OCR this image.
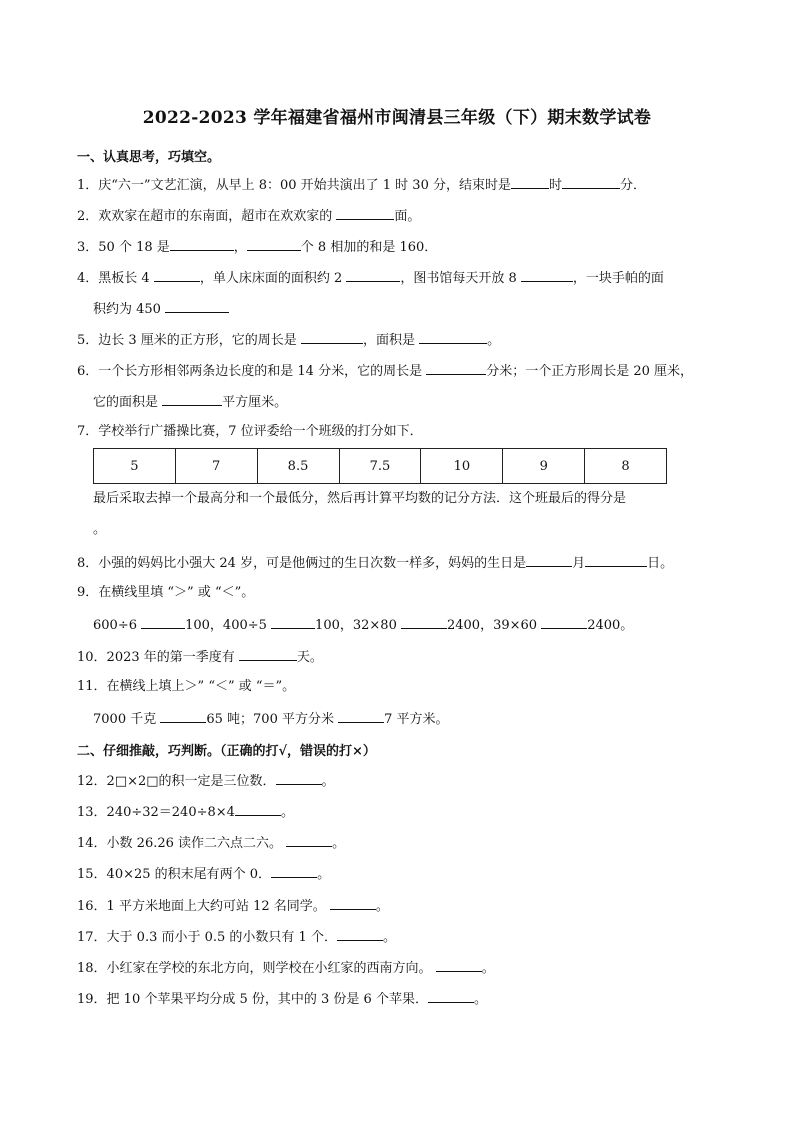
2022-2023 学年福建省福州市闽清县三年级（下）期末数学试卷
一、认真思考，巧填空。
1．庆“六一”文艺汇演，从早上 8：00 开始共演出了 1 时 30 分，结束时是	时	分．
2．欢欢家在超市的东南面，超市在欢欢家的	面。
3．50 个 18 是	，	个 8 相加的和是 160．
4．黑板长 4	，单人床床面的面积约 2	，图书馆每天开放 8	，一块手帕的面
积约为 450
5．边长 3 厘米的正方形，它的周长是	，面积是	。
6．一个长方形相邻两条边长度的和是 14 分米，它的周长是	分米；一个正方形周长是 20 厘米，
它的面积是	平方厘米。
7．学校举行广播操比赛，7 位评委给一个班级的打分如下．
5	7	8.5	7.5	10	9	8
最后采取去掉一个最高分和一个最低分，然后再计算平均数的记分方法．这个班最后的得分是
。
8．小强的妈妈比小强大 24 岁，可是他俩过的生日次数一样多，妈妈的生日是	月	日。
9．在横线里填 “＞” 或 “＜”。
600÷6	100，400÷5	100，32×80	2400，39×60	2400。
10．2023 年的第一季度有	天。
11．在横线上填上＞” “＜” 或 “＝”。
7000 千克	65 吨；700 平方分米	7 平方米。
二、仔细推敲，巧判断。（正确的打√，错误的打×）
12．2□×2□的积一定是三位数．	。
13．240÷32＝240÷8×4	。
14．小数 26.26 读作二六点二六。	。
15．40×25 的积末尾有两个 0．	。
16．1 平方米地面上大约可站 12 名同学。	。
17．大于 0.3 而小于 0.5 的小数只有 1 个．	。
18．小红家在学校的东北方向，则学校在小红家的西南方向。	。
19．把 10 个苹果平均分成 5 份，其中的 3 份是 6 个苹果．	。
